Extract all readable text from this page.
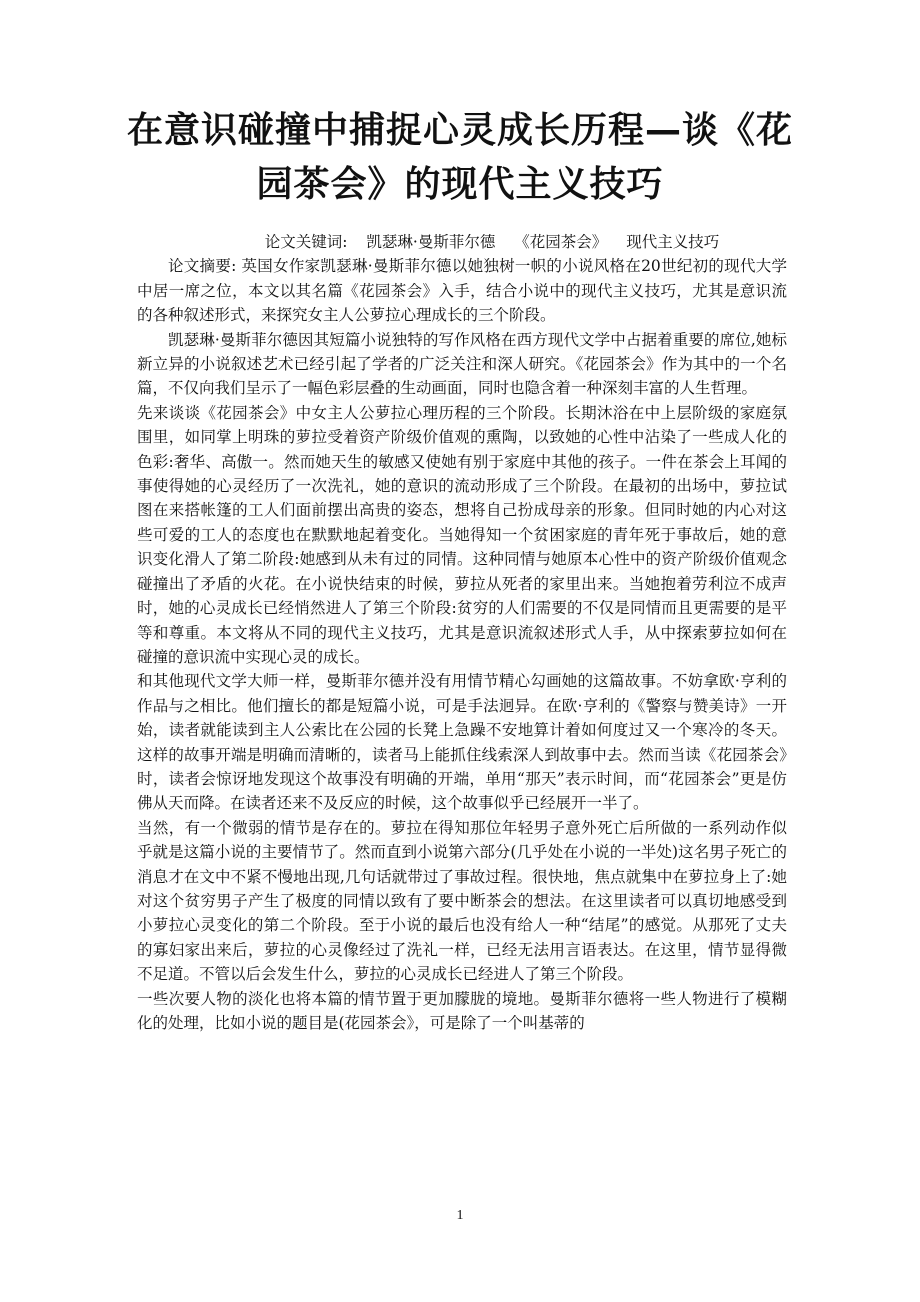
在意识碰撞中捕捉心灵成长历程—谈《花园茶会》的现代主义技巧

论文关键词: 凯瑟琳·曼斯菲尔德 《花园茶会》 现代主义技巧

论文摘要: 英国女作家凯瑟琳·曼斯菲尔德以她独树一帜的小说风格在20世纪初的现代大学中居一席之位，本文以其名篇《花园茶会》入手，结合小说中的现代主义技巧，尤其是意识流的各种叙述形式，来探究女主人公萝拉心理成长的三个阶段。

凯瑟琳·曼斯菲尔德因其短篇小说独特的写作风格在西方现代文学中占据着重要的席位,她标新立异的小说叙述艺术已经引起了学者的广泛关注和深人研究。《花园茶会》作为其中的一个名篇，不仅向我们呈示了一幅色彩层叠的生动画面，同时也隐含着一种深刻丰富的人生哲理。

先来谈谈《花园茶会》中女主人公萝拉心理历程的三个阶段。长期沐浴在中上层阶级的家庭氛围里，如同掌上明珠的萝拉受着资产阶级价值观的熏陶，以致她的心性中沾染了一些成人化的色彩:奢华、高傲一。然而她天生的敏感又使她有别于家庭中其他的孩子。一件在茶会上耳闻的事使得她的心灵经历了一次洗礼，她的意识的流动形成了三个阶段。在最初的出场中，萝拉试图在来搭帐篷的工人们面前摆出高贵的姿态，想将自己扮成母亲的形象。但同时她的内心对这些可爱的工人的态度也在默默地起着变化。当她得知一个贫困家庭的青年死于事故后，她的意识变化滑人了第二阶段:她感到从未有过的同情。这种同情与她原本心性中的资产阶级价值观念碰撞出了矛盾的火花。在小说快结束的时候，萝拉从死者的家里出来。当她抱着劳利泣不成声时，她的心灵成长已经悄然进人了第三个阶段:贫穷的人们需要的不仅是同情而且更需要的是平等和尊重。本文将从不同的现代主义技巧，尤其是意识流叙述形式人手，从中探索萝拉如何在碰撞的意识流中实现心灵的成长。

和其他现代文学大师一样，曼斯菲尔德并没有用情节精心勾画她的这篇故事。不妨拿欧·亨利的作品与之相比。他们擅长的都是短篇小说，可是手法迥异。在欧·亨利的《警察与赞美诗》一开始，读者就能读到主人公索比在公园的长凳上急躁不安地算计着如何度过又一个寒冷的冬天。这样的故事开端是明确而清晰的，读者马上能抓住线索深人到故事中去。然而当读《花园茶会》时，读者会惊讶地发现这个故事没有明确的开端，单用“那天”表示时间，而“花园茶会”更是仿佛从天而降。在读者还来不及反应的时候，这个故事似乎已经展开一半了。

当然，有一个微弱的情节是存在的。萝拉在得知那位年轻男子意外死亡后所做的一系列动作似乎就是这篇小说的主要情节了。然而直到小说第六部分(几乎处在小说的一半处)这名男子死亡的消息才在文中不紧不慢地出现,几句话就带过了事故过程。很快地，焦点就集中在萝拉身上了:她对这个贫穷男子产生了极度的同情以致有了要中断茶会的想法。在这里读者可以真切地感受到小萝拉心灵变化的第二个阶段。至于小说的最后也没有给人一种“结尾”的感觉。从那死了丈夫的寡妇家出来后，萝拉的心灵像经过了洗礼一样，已经无法用言语表达。在这里，情节显得微不足道。不管以后会发生什么，萝拉的心灵成长已经进人了第三个阶段。

一些次要人物的淡化也将本篇的情节置于更加朦胧的境地。曼斯菲尔德将一些人物进行了模糊化的处理，比如小说的题目是(花园茶会》，可是除了一个叫基蒂的

1
